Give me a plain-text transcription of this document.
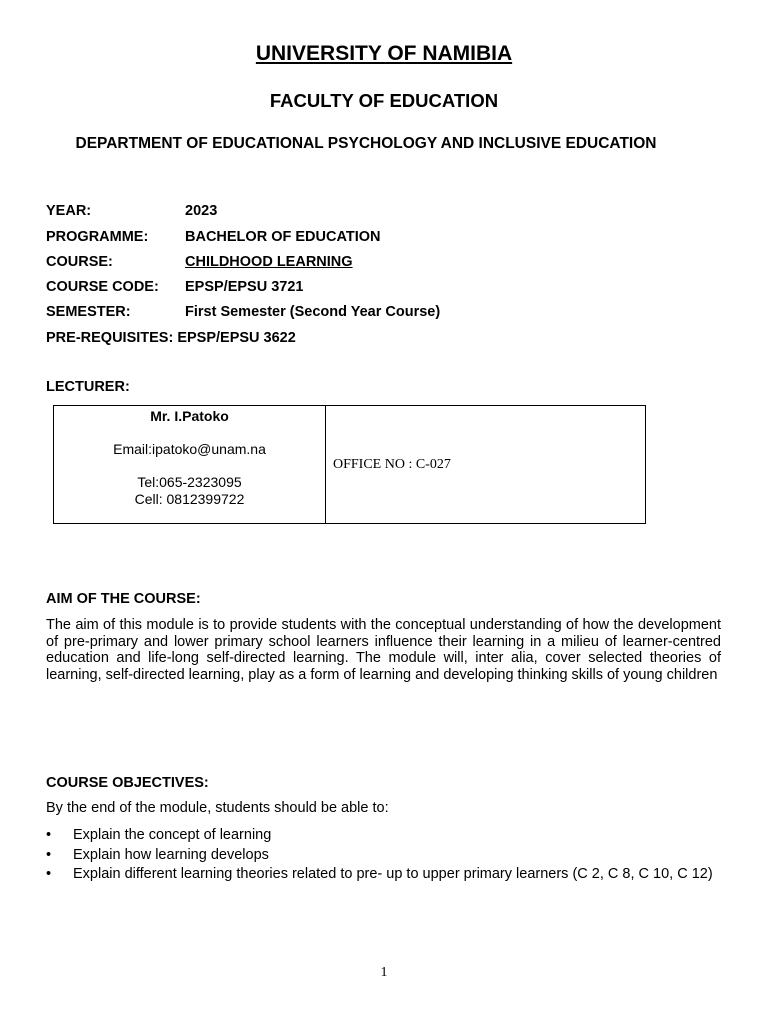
UNIVERSITY OF NAMIBIA
FACULTY OF EDUCATION
DEPARTMENT OF EDUCATIONAL PSYCHOLOGY AND INCLUSIVE EDUCATION
YEAR:	2023
PROGRAMME:	BACHELOR OF EDUCATION
COURSE:	CHILDHOOD LEARNING
COURSE CODE: EPSP/EPSU 3721
SEMESTER:	First Semester (Second Year Course)
PRE-REQUISITES: EPSP/EPSU 3622
LECTURER:
Mr. I.Patoko
Email:ipatoko@unam.na
Tel:065-2323095
Cell: 0812399722
	OFFICE NO : C-027
AIM OF THE COURSE:
The aim of this module is to provide students with the conceptual understanding of how the development of pre-primary and lower primary school learners influence their learning in a milieu of learner-centred education and life-long self-directed learning. The module will, inter alia, cover selected theories of learning, self-directed learning, play as a form of learning and developing thinking skills of young children
COURSE OBJECTIVES:
By the end of the module, students should be able to:
• Explain the concept of learning
• Explain how learning develops
• Explain different learning theories related to pre- up to upper primary learners (C 2, C 8, C 10, C 12)
1
